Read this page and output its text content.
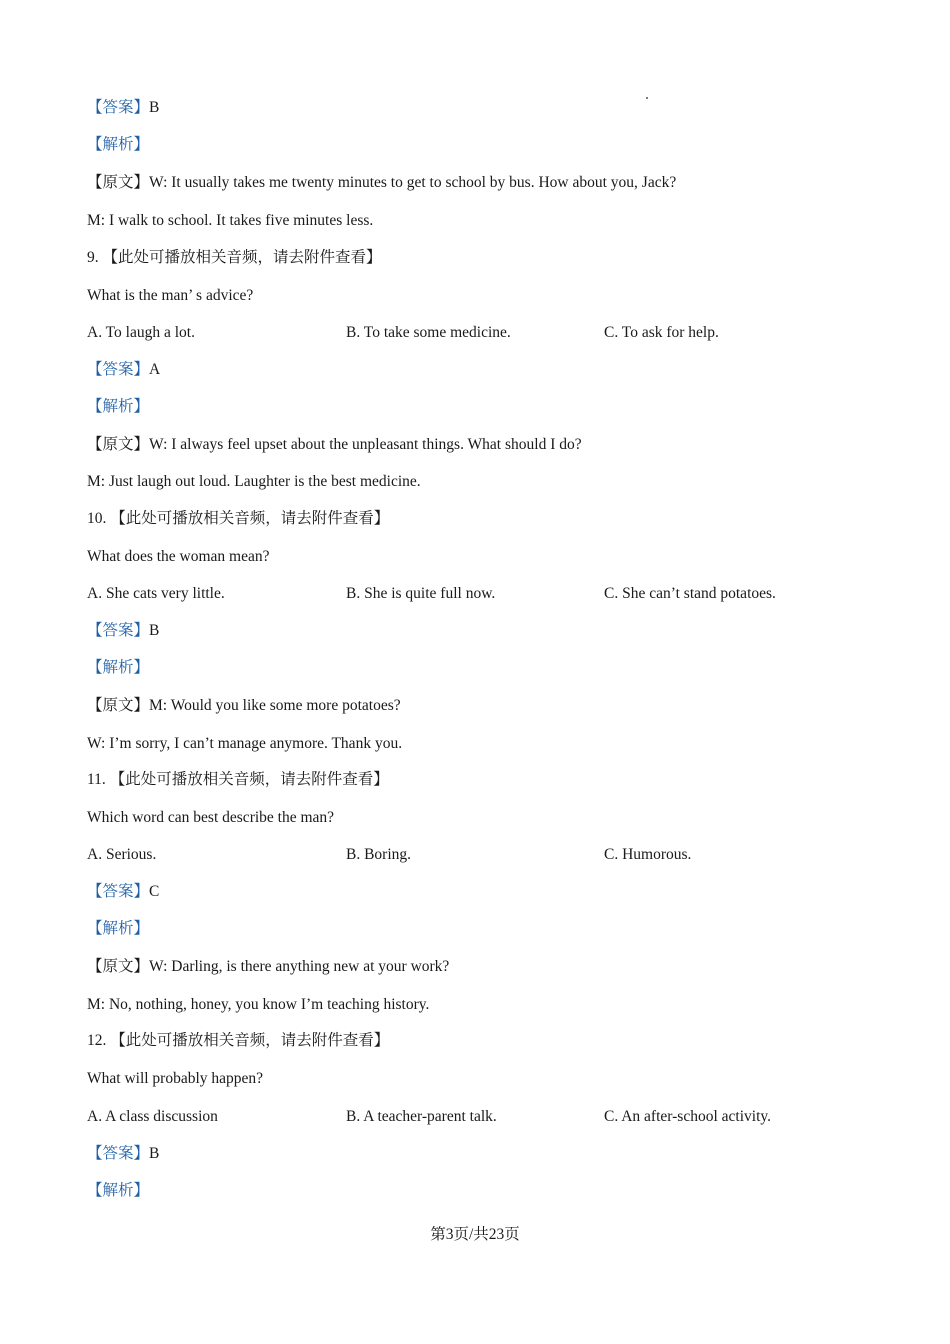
【答案】B
【解析】
【原文】W: It usually takes me twenty minutes to get to school by bus. How about you, Jack?
M: I walk to school. It takes five minutes less.
9. 【此处可播放相关音频，请去附件查看】
What is the man’ s advice?
A. To laugh a lot.	B. To take some medicine.	C. To ask for help.
【答案】A
【解析】
【原文】W: I always feel upset about the unpleasant things. What should I do?
M: Just laugh out loud. Laughter is the best medicine.
10. 【此处可播放相关音频，请去附件查看】
What does the woman mean?
A. She cats very little.	B. She is quite full now.	C. She can’t stand potatoes.
【答案】B
【解析】
【原文】M: Would you like some more potatoes?
W: I’m sorry, I can’t manage anymore. Thank you.
11. 【此处可播放相关音频，请去附件查看】
Which word can best describe the man?
A. Serious.	B. Boring.	C. Humorous.
【答案】C
【解析】
【原文】W: Darling, is there anything new at your work?
M: No, nothing, honey, you know I’m teaching history.
12. 【此处可播放相关音频，请去附件查看】
What will probably happen?
A. A class discussion	B. A teacher-parent talk.	C. An after-school activity.
【答案】B
【解析】
第3页/共23页
